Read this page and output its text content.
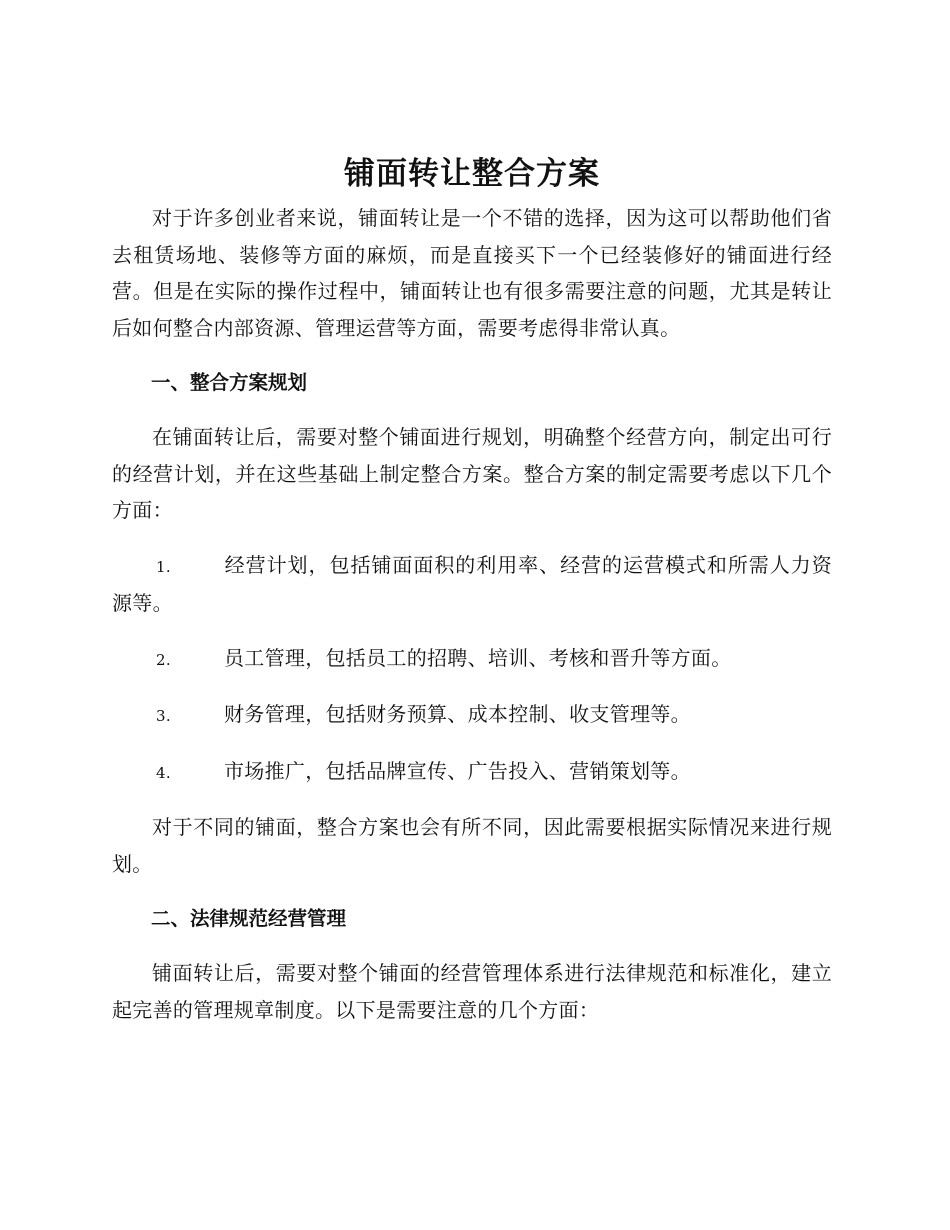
铺面转让整合方案

对于许多创业者来说，铺面转让是一个不错的选择，因为这可以帮助他们省去租赁场地、装修等方面的麻烦，而是直接买下一个已经装修好的铺面进行经营。但是在实际的操作过程中，铺面转让也有很多需要注意的问题，尤其是转让后如何整合内部资源、管理运营等方面，需要考虑得非常认真。

一、整合方案规划

在铺面转让后，需要对整个铺面进行规划，明确整个经营方向，制定出可行的经营计划，并在这些基础上制定整合方案。整合方案的制定需要考虑以下几个方面：

1.	经营计划，包括铺面面积的利用率、经营的运营模式和所需人力资源等。

2.	员工管理，包括员工的招聘、培训、考核和晋升等方面。

3.	财务管理，包括财务预算、成本控制、收支管理等。

4.	市场推广，包括品牌宣传、广告投入、营销策划等。

对于不同的铺面，整合方案也会有所不同，因此需要根据实际情况来进行规划。

二、法律规范经营管理

铺面转让后，需要对整个铺面的经营管理体系进行法律规范和标准化，建立起完善的管理规章制度。以下是需要注意的几个方面：
